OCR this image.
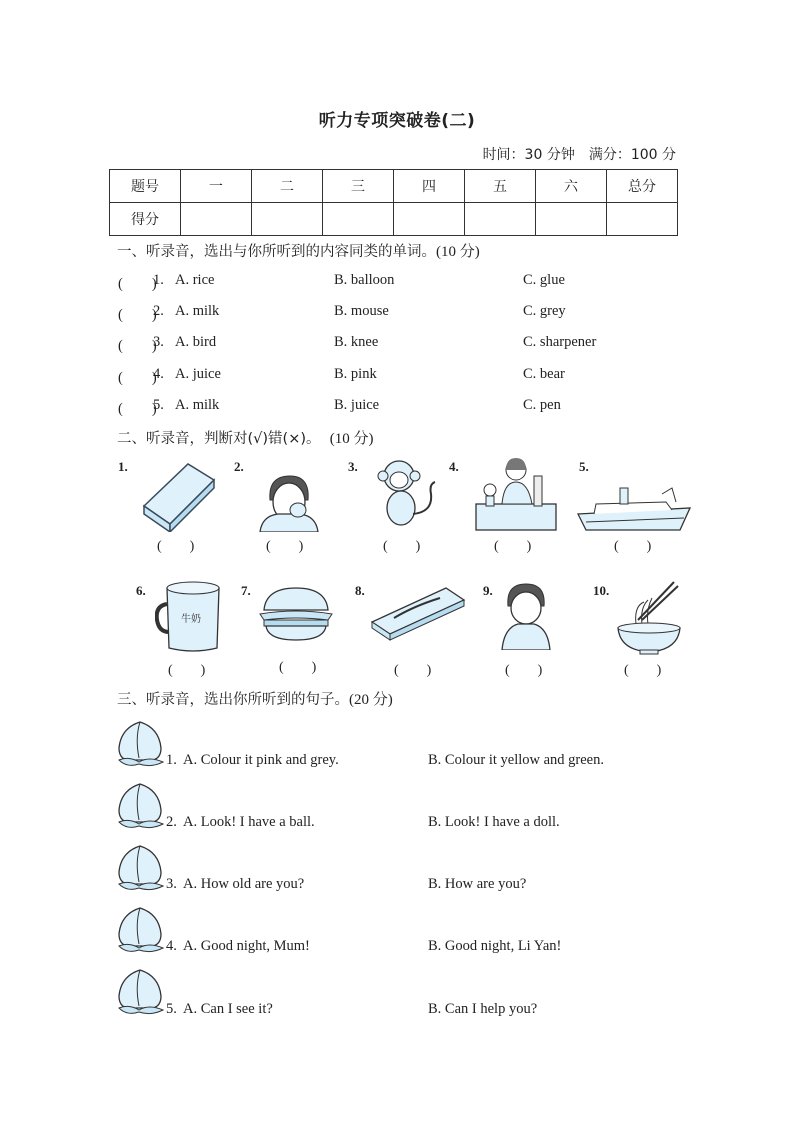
听力专项突破卷(二)
时间：30 分钟　满分：100 分
题号	一	二	三	四	五	六	总分
得分							
一、听录音，选出与你所听到的内容同类的单词。(10 分)
(　　)
1. A. rice	B. balloon	C. glue
(　　)
2. A. milk	B. mouse	C. grey
(　　)
3. A. bird	B. knee	C. sharpener
(　　)
4. A. juice	B. pink	C. bear
(　　)
5. A. milk	B. juice	C. pen
二、听录音，判断对(√)错(×)。 (10 分)
1.
(　　)
2.
(　　)
3.
(　　)
4.
(　　)
5.
(　　)
6.
牛奶
(　　)
7.
(　　)
8.
(　　)
9.
(　　)
10.
(　　)
三、听录音，选出你所听到的句子。(20 分)
1. A. Colour it pink and grey.	B. Colour it yellow and green.
2. A. Look! I have a ball.	B. Look! I have a doll.
3. A. How old are you?	B. How are you?
4. A. Good night, Mum!	B. Good night, Li Yan!
5. A. Can I see it?	B. Can I help you?
